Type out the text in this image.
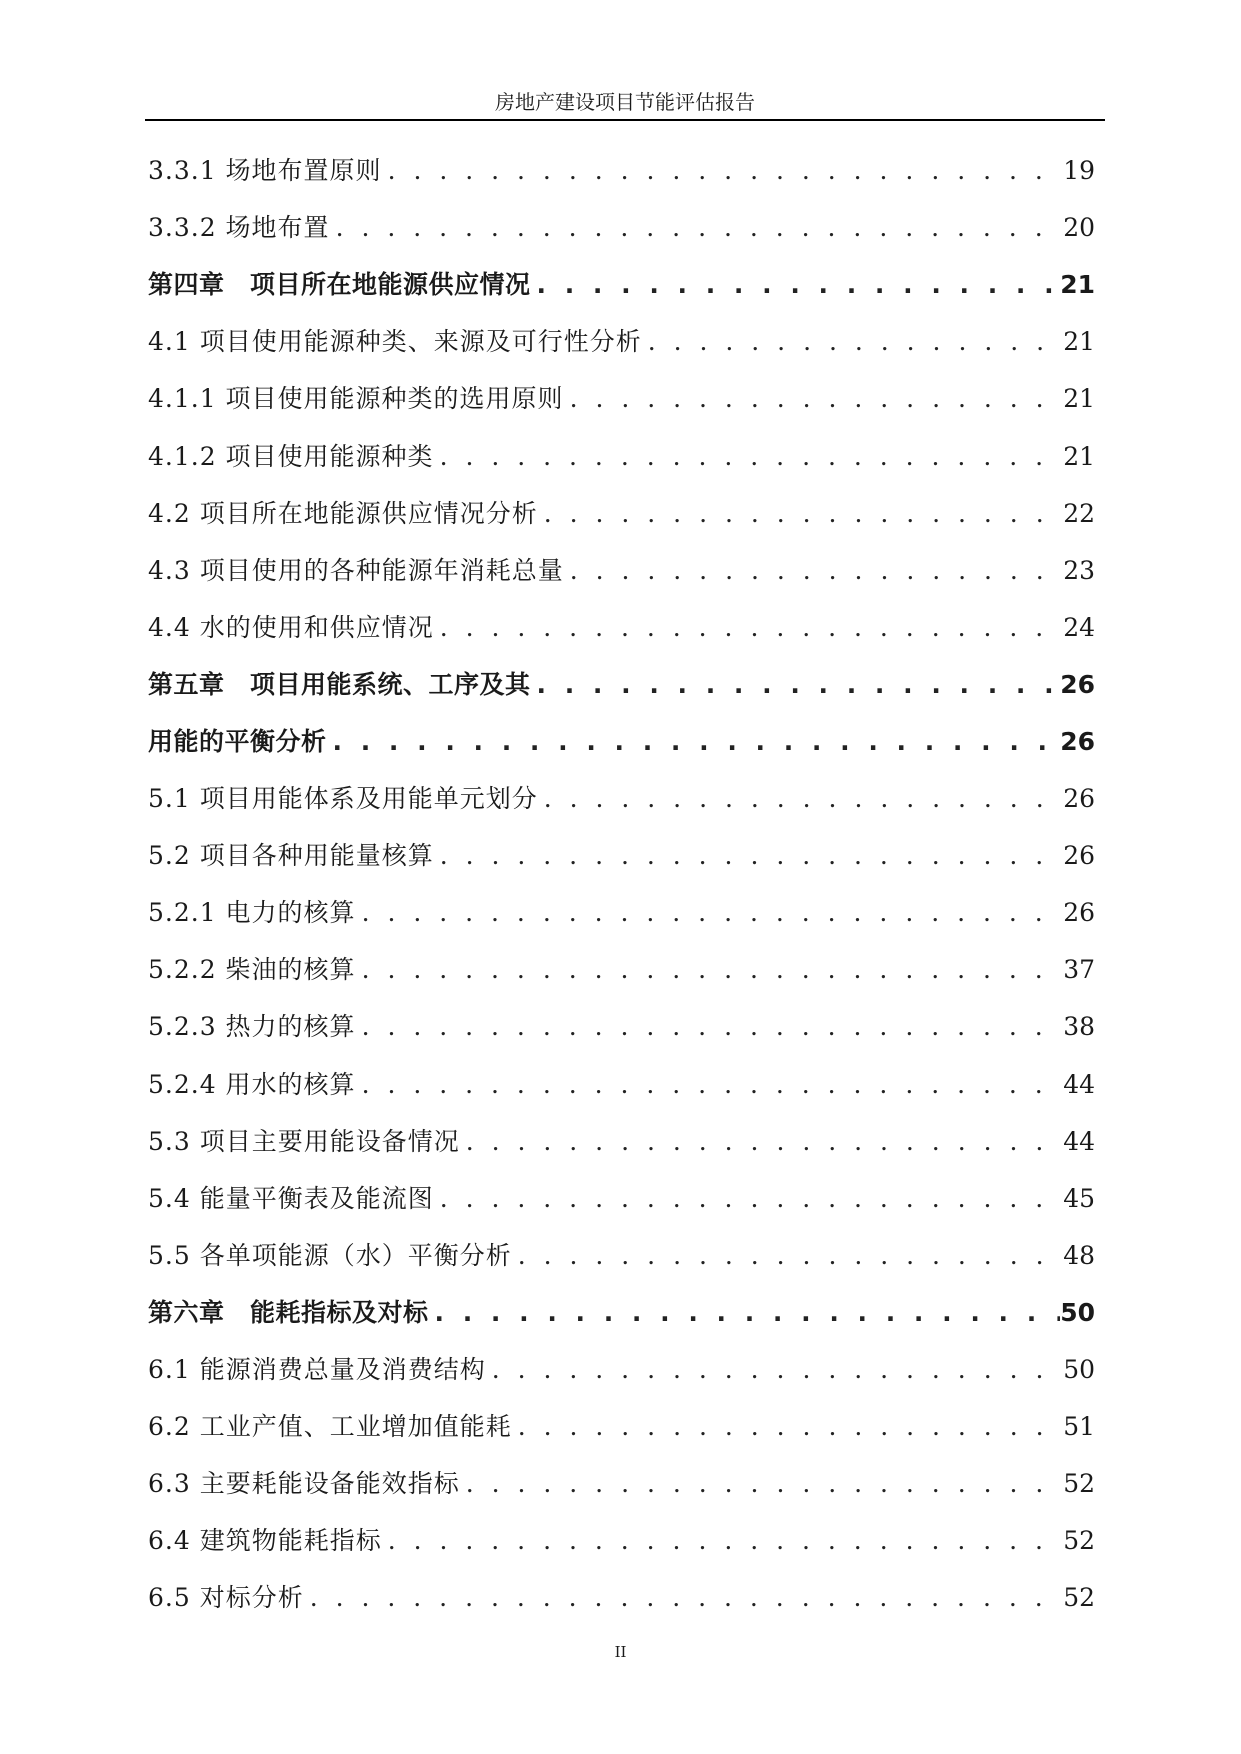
房地产建设项目节能评估报告
3.3.1 场地布置原则 . . .	19
3.3.2 场地布置 . . .	20
第四章　项目所在地能源供应情况 . . .	21
4.1 项目使用能源种类、来源及可行性分析 . . .	21
4.1.1 项目使用能源种类的选用原则 . . .	21
4.1.2 项目使用能源种类 . . .	21
4.2 项目所在地能源供应情况分析 . . .	22
4.3 项目使用的各种能源年消耗总量 . . .	23
4.4 水的使用和供应情况 . . .	24
第五章　项目用能系统、工序及其 . . .	26
用能的平衡分析 . . .	26
5.1 项目用能体系及用能单元划分 . . .	26
5.2 项目各种用能量核算 . . .	26
5.2.1 电力的核算 . . .	26
5.2.2 柴油的核算 . . .	37
5.2.3 热力的核算 . . .	38
5.2.4 用水的核算 . . .	44
5.3 项目主要用能设备情况 . . .	44
5.4 能量平衡表及能流图 . . .	45
5.5 各单项能源（水）平衡分析 . . .	48
第六章　能耗指标及对标 . . .	50
6.1 能源消费总量及消费结构 . . .	50
6.2 工业产值、工业增加值能耗 . . .	51
6.3 主要耗能设备能效指标 . . .	52
6.4 建筑物能耗指标 . . .	52
6.5 对标分析 . . .	52
II
